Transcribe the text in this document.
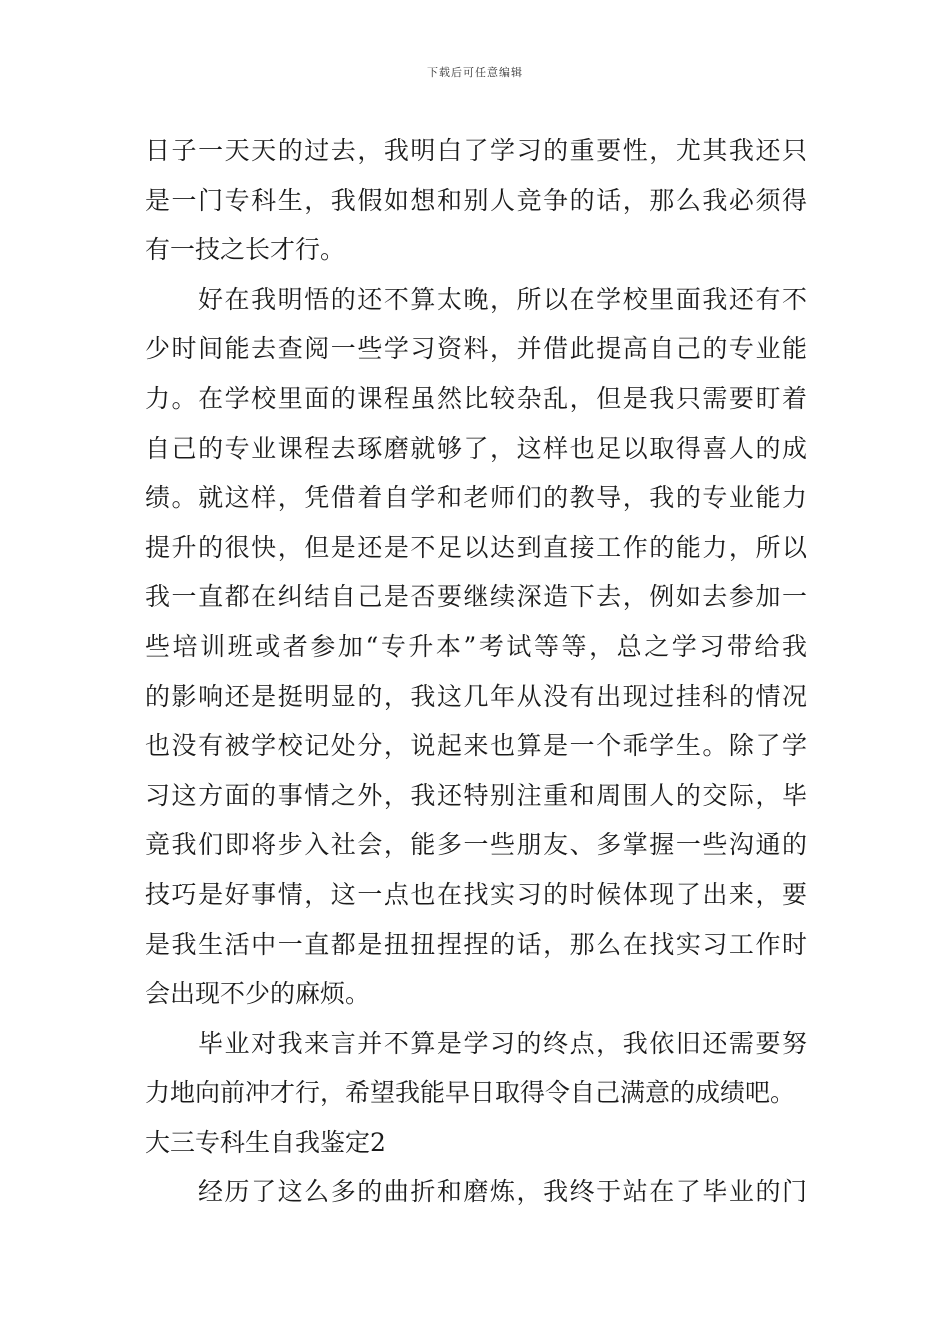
下载后可任意编辑
日子一天天的过去，我明白了学习的重要性，尤其我还只
是一门专科生，我假如想和别人竞争的话，那么我必须得
有一技之长才行。
好在我明悟的还不算太晚，所以在学校里面我还有不
少时间能去查阅一些学习资料，并借此提高自己的专业能
力。在学校里面的课程虽然比较杂乱，但是我只需要盯着
自己的专业课程去琢磨就够了，这样也足以取得喜人的成
绩。就这样，凭借着自学和老师们的教导，我的专业能力
提升的很快，但是还是不足以达到直接工作的能力，所以
我一直都在纠结自己是否要继续深造下去，例如去参加一
些培训班或者参加“专升本”考试等等，总之学习带给我
的影响还是挺明显的，我这几年从没有出现过挂科的情况
也没有被学校记处分，说起来也算是一个乖学生。除了学
习这方面的事情之外，我还特别注重和周围人的交际，毕
竟我们即将步入社会，能多一些朋友、多掌握一些沟通的
技巧是好事情，这一点也在找实习的时候体现了出来，要
是我生活中一直都是扭扭捏捏的话，那么在找实习工作时
会出现不少的麻烦。
毕业对我来言并不算是学习的终点，我依旧还需要努
力地向前冲才行，希望我能早日取得令自己满意的成绩吧。
大三专科生自我鉴定2
经历了这么多的曲折和磨炼，我终于站在了毕业的门
